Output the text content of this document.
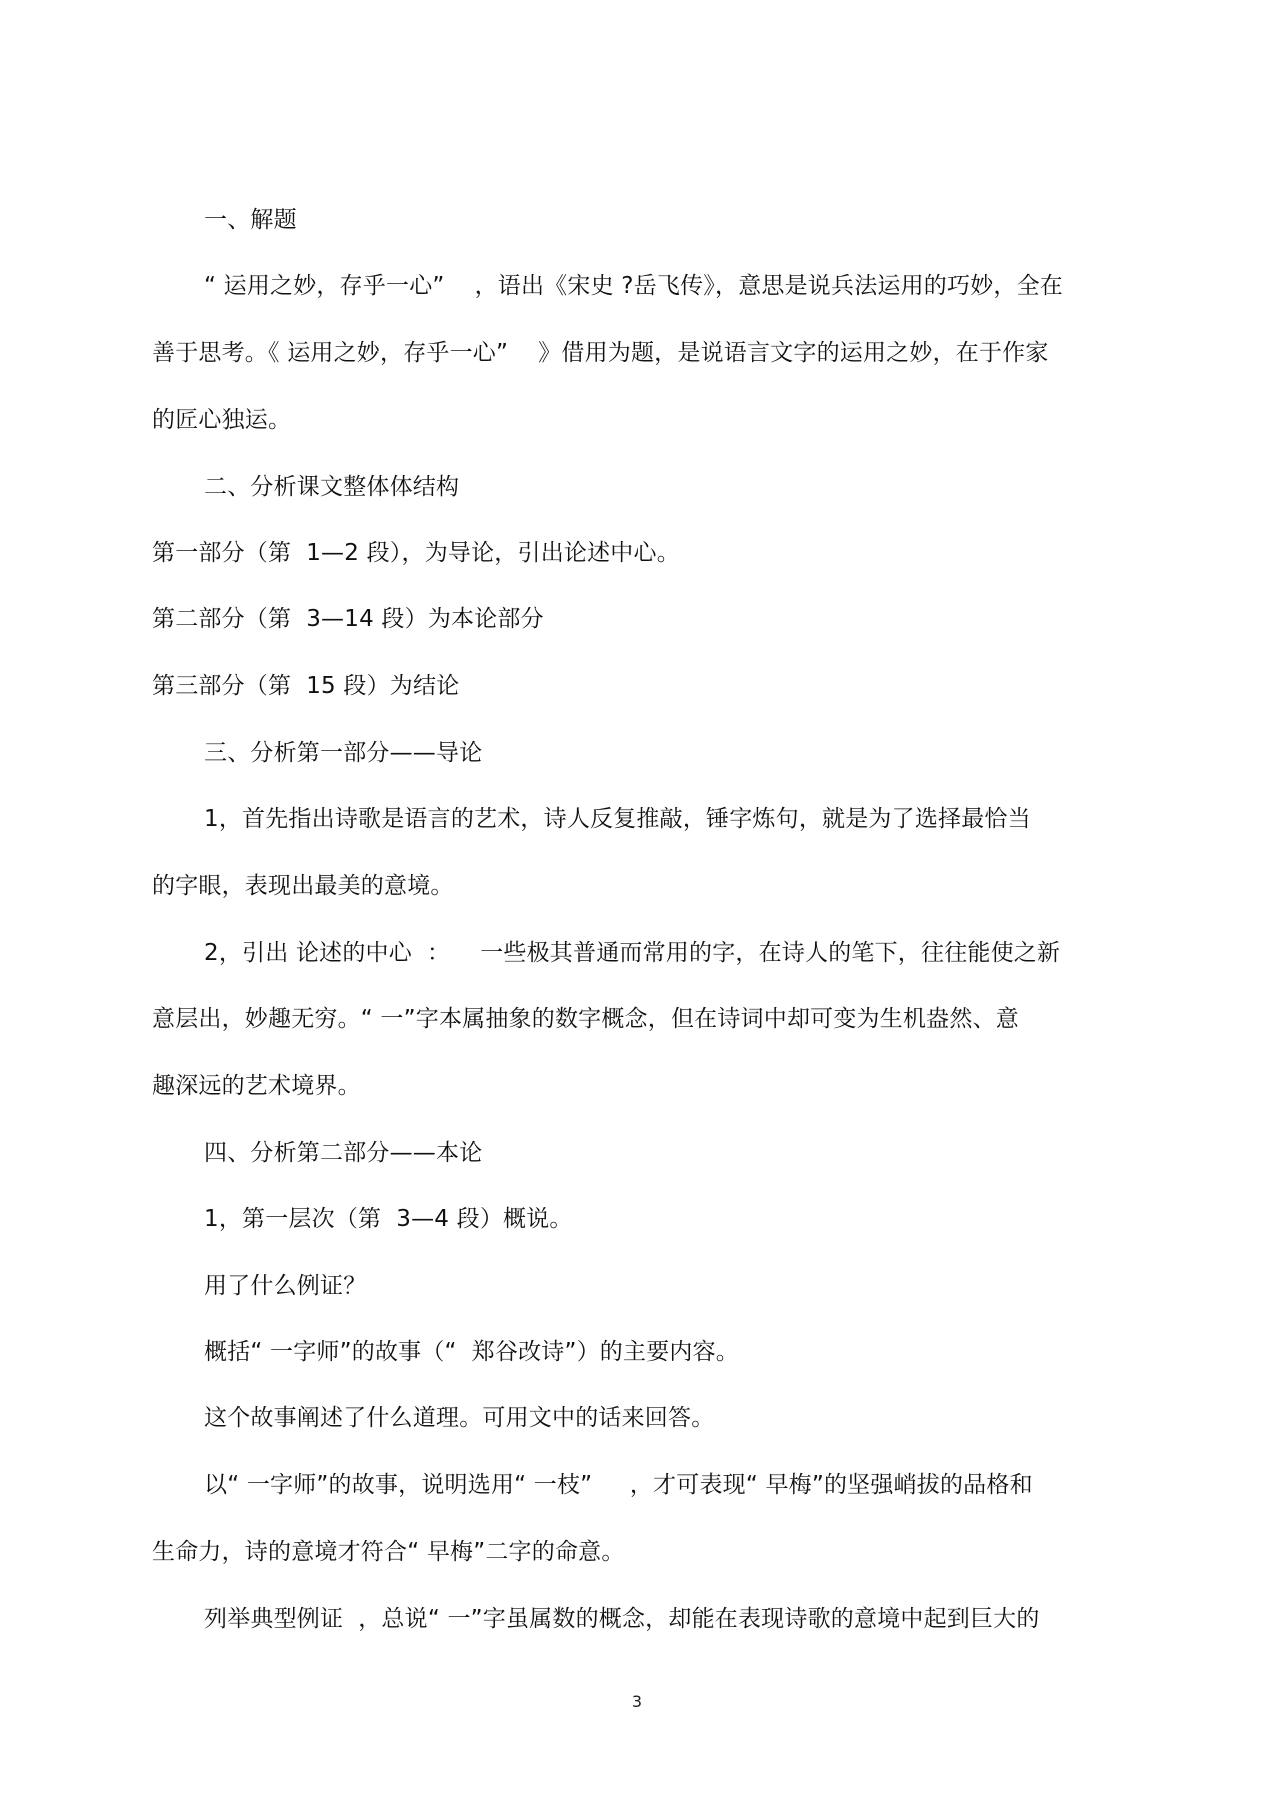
一、解题
“ 运用之妙，存乎一心”    ，语出《宋史 ?岳飞传》，意思是说兵法运用的巧妙，全在
善于思考。《 运用之妙，存乎一心”    》借用为题，是说语言文字的运用之妙，在于作家
的匠心独运。
二、分析课文整体体结构
第一部分（第  1—2 段），为导论，引出论述中心。
第二部分（第  3—14 段）为本论部分
第三部分（第  15 段）为结论
三、分析第一部分——导论
1，首先指出诗歌是语言的艺术，诗人反复推敲，锤字炼句，就是为了选择最恰当
的字眼，表现出最美的意境。
2，引出 论述的中心  ：    一些极其普通而常用的字，在诗人的笔下，往往能使之新
意层出，妙趣无穷。“ 一”字本属抽象的数字概念，但在诗词中却可变为生机盎然、意
趣深远的艺术境界。
四、分析第二部分——本论
1，第一层次（第  3—4 段）概说。
用了什么例证？
概括“ 一字师”的故事（“  郑谷改诗”）的主要内容。
这个故事阐述了什么道理。可用文中的话来回答。
以“ 一字师”的故事，说明选用“ 一枝”     ，才可表现“ 早梅”的坚强峭拔的品格和
生命力，诗的意境才符合“ 早梅”二字的命意。
列举典型例证  ，总说“ 一”字虽属数的概念，却能在表现诗歌的意境中起到巨大的
3
